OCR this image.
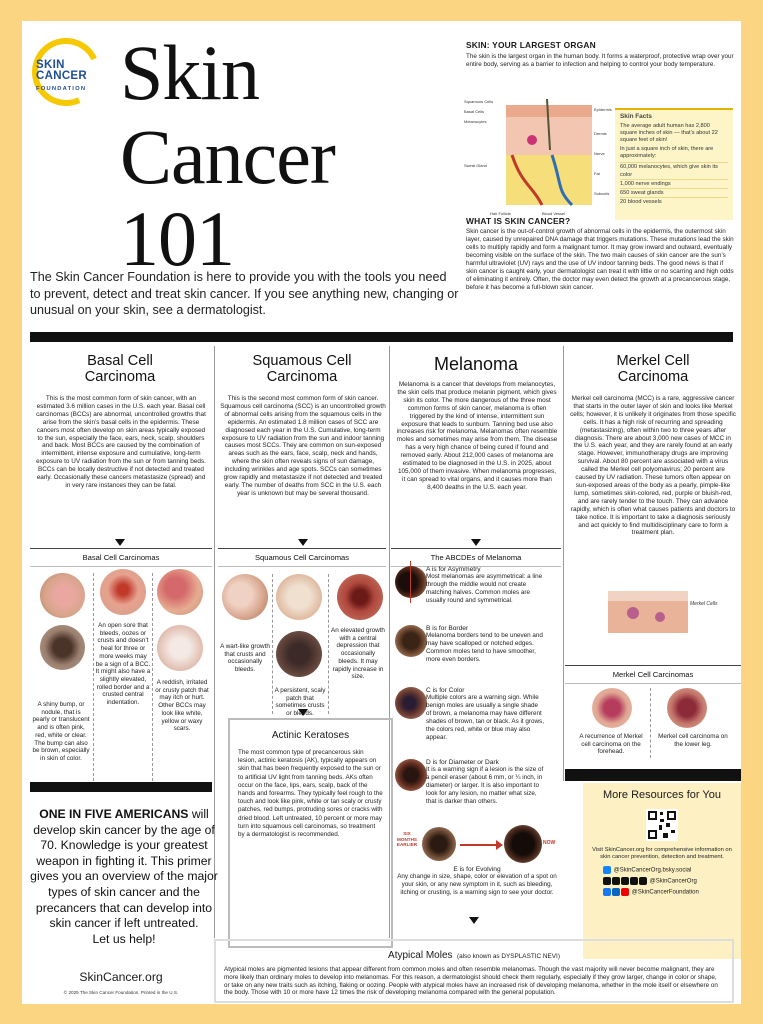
SKIN
CANCER
FOUNDATION Skin
Cancer
101
The Skin Cancer Foundation is here to provide you with the tools you need to prevent, detect and treat skin cancer. If you see anything new, changing or unusual on your skin, see a dermatologist.
SKIN: YOUR LARGEST ORGAN
The skin is the largest organ in the human body. It forms a waterproof, protective wrap over your entire body, serving as a barrier to infection and helping to control your body temperature.
Squamous Cells
Basal Cells
Melanocytes
Dermis
Sweat Gland
Fat
Hair Follicle	Blood Vessel
Epidermis
Subcutis
Nerve
Skin Facts

The average adult human has 2,800 square inches of skin — that’s about 22 square feet of skin!

In just a square inch of skin, there are approximately:

60,000 melanocytes, which give skin its color
1,000 nerve endings
650 sweat glands
20 blood vessels
WHAT IS SKIN CANCER?
Skin cancer is the out-of-control growth of abnormal cells in the epidermis, the outermost skin layer, caused by unrepaired DNA damage that triggers mutations. These mutations lead the skin cells to multiply rapidly and form a malignant tumor. It may grow inward and outward, eventually becoming visible on the surface of the skin. The two main causes of skin cancer are the sun’s harmful ultraviolet (UV) rays and the use of UV indoor tanning beds. The good news is that if skin cancer is caught early, your dermatologist can treat it with little or no scarring and high odds of eliminating it entirely. Often, the doctor may even detect the growth at a precancerous stage, before it has become a full-blown skin cancer.
Basal Cell
Carcinoma
This is the most common form of skin cancer, with an estimated 3.6 million cases in the U.S. each year. Basal cell carcinomas (BCCs) are abnormal, uncontrolled growths that arise from the skin’s basal cells in the epidermis. These cancers most often develop on skin areas typically exposed to the sun, especially the face, ears, neck, scalp, shoulders and back. Most BCCs are caused by the combination of intermittent, intense exposure and cumulative, long-term exposure to UV radiation from the sun or from tanning beds. BCCs can be locally destructive if not detected and treated early. Occasionally these cancers metastasize (spread) and in very rare instances they can be fatal.
Basal Cell Carcinomas
A shiny bump, or nodule, that is pearly or translucent and is often pink, red, white or clear. The bump can also be brown, especially in skin of color.
An open sore that bleeds, oozes or crusts and doesn’t heal for three or more weeks may be a sign of a BCC. It might also have a slightly elevated, rolled border and a crusted central indentation.
A reddish, irritated or crusty patch that may itch or hurt. Other BCCs may look like white, yellow or waxy scars.
ONE IN FIVE AMERICANS will develop skin cancer by the age of 70. Knowledge is your greatest weapon in fighting it. This primer gives you an overview of the major types of skin cancer and the precancers that can develop into skin cancer if left untreated.
Let us help!
SkinCancer.org
© 2025 The Skin Cancer Foundation. Printed in the U.S.
Squamous Cell
Carcinoma
This is the second most common form of skin cancer. Squamous cell carcinoma (SCC) is an uncontrolled growth of abnormal cells arising from the squamous cells in the epidermis. An estimated 1.8 million cases of SCC are diagnosed each year in the U.S. Cumulative, long-term exposure to UV radiation from the sun and indoor tanning causes most SCCs. They are common on sun-exposed areas such as the ears, face, scalp, neck and hands, where the skin often reveals signs of sun damage, including wrinkles and age spots. SCCs can sometimes grow rapidly and metastasize if not detected and treated early. The number of deaths from SCC in the U.S. each year is unknown but may be several thousand.
Squamous Cell Carcinomas
A wart-like growth that crusts and occasionally bleeds.
A persistent, scaly patch that sometimes crusts or bleeds.
An elevated growth with a central depression that occasionally bleeds. It may rapidly increase in size.
Actinic Keratoses
The most common type of precancerous skin lesion, actinic keratosis (AK), typically appears on skin that has been frequently exposed to the sun or to artificial UV light from tanning beds. AKs often occur on the face, lips, ears, scalp, back of the hands and forearms. They typically feel rough to the touch and look like pink, white or tan scaly or crusty patches, red bumps, protruding sores or cracks with dried blood. Left untreated, 10 percent or more may turn into squamous cell carcinomas, so treatment by a dermatologist is recommended.
Melanoma
Melanoma is a cancer that develops from melanocytes, the skin cells that produce melanin pigment, which gives skin its color. The more dangerous of the three most common forms of skin cancer, melanoma is often triggered by the kind of intense, intermittent sun exposure that leads to sunburn. Tanning bed use also increases risk for melanoma. Melanomas often resemble moles and sometimes may arise from them. The disease has a very high chance of being cured if found and removed early. About 212,000 cases of melanoma are estimated to be diagnosed in the U.S. in 2025, about 105,000 of them invasive. When melanoma progresses, it can spread to vital organs, and it causes more than 8,400 deaths in the U.S. each year.
The ABCDEs of Melanoma
A is for Asymmetry
Most melanomas are asymmetrical: a line through the middle would not create matching halves. Common moles are usually round and symmetrical.
B is for Border
Melanoma borders tend to be uneven and may have scalloped or notched edges. Common moles tend to have smoother, more even borders.
C is for Color
Multiple colors are a warning sign. While benign moles are usually a single shade of brown, a melanoma may have different shades of brown, tan or black. As it grows, the colors red, white or blue may also appear.
D is for Diameter or Dark
It is a warning sign if a lesion is the size of a pencil eraser (about 6 mm, or ¼ inch, in diameter) or larger. It is also important to look for any lesion, no matter what size, that is darker than others.
SIX MONTHS EARLIER	NOW
E is for Evolving
Any change in size, shape, color or elevation of a spot on your skin, or any new symptom in it, such as bleeding, itching or crusting, is a warning sign to see your doctor.
Merkel Cell
Carcinoma
Merkel cell carcinoma (MCC) is a rare, aggressive cancer that starts in the outer layer of skin and looks like Merkel cells; however, it is unlikely it originates from those specific cells. It has a high risk of recurring and spreading (metastasizing), often within two to three years after diagnosis. There are about 3,000 new cases of MCC in the U.S. each year, and they are rarely found at an early stage. However, immunotherapy drugs are improving survival. About 80 percent are associated with a virus called the Merkel cell polyomavirus; 20 percent are caused by UV radiation. These tumors often appear on sun-exposed areas of the body as a pearly, pimple-like lump, sometimes skin-colored, red, purple or bluish-red, and are rarely tender to the touch. They can advance rapidly, which is often what causes patients and doctors to take notice. It is important to take a diagnosis seriously and act quickly to find multidisciplinary care to form a treatment plan.
Merkel Cells
Merkel Cell Carcinomas
A recurrence of Merkel cell carcinoma on the forehead.
Merkel cell carcinoma on the lower leg.
More Resources for You
Visit SkinCancer.org for comprehensive information on skin cancer prevention, detection and treatment.
@SkinCancerOrg.bsky.social
@SkinCancerOrg
@SkinCancerFoundation
Atypical Moles (also known as DYSPLASTIC NEVI)
Atypical moles are pigmented lesions that appear different from common moles and often resemble melanomas. Though the vast majority will never become malignant, they are more likely than ordinary moles to develop into melanomas. For this reason, a dermatologist should check them regularly, especially if they grow larger, change in color or shape, or take on any new traits such as itching, flaking or oozing. People with atypical moles have an increased risk of developing melanoma, whether in the mole itself or elsewhere on the body. Those with 10 or more have 12 times the risk of developing melanoma compared with the general population.
